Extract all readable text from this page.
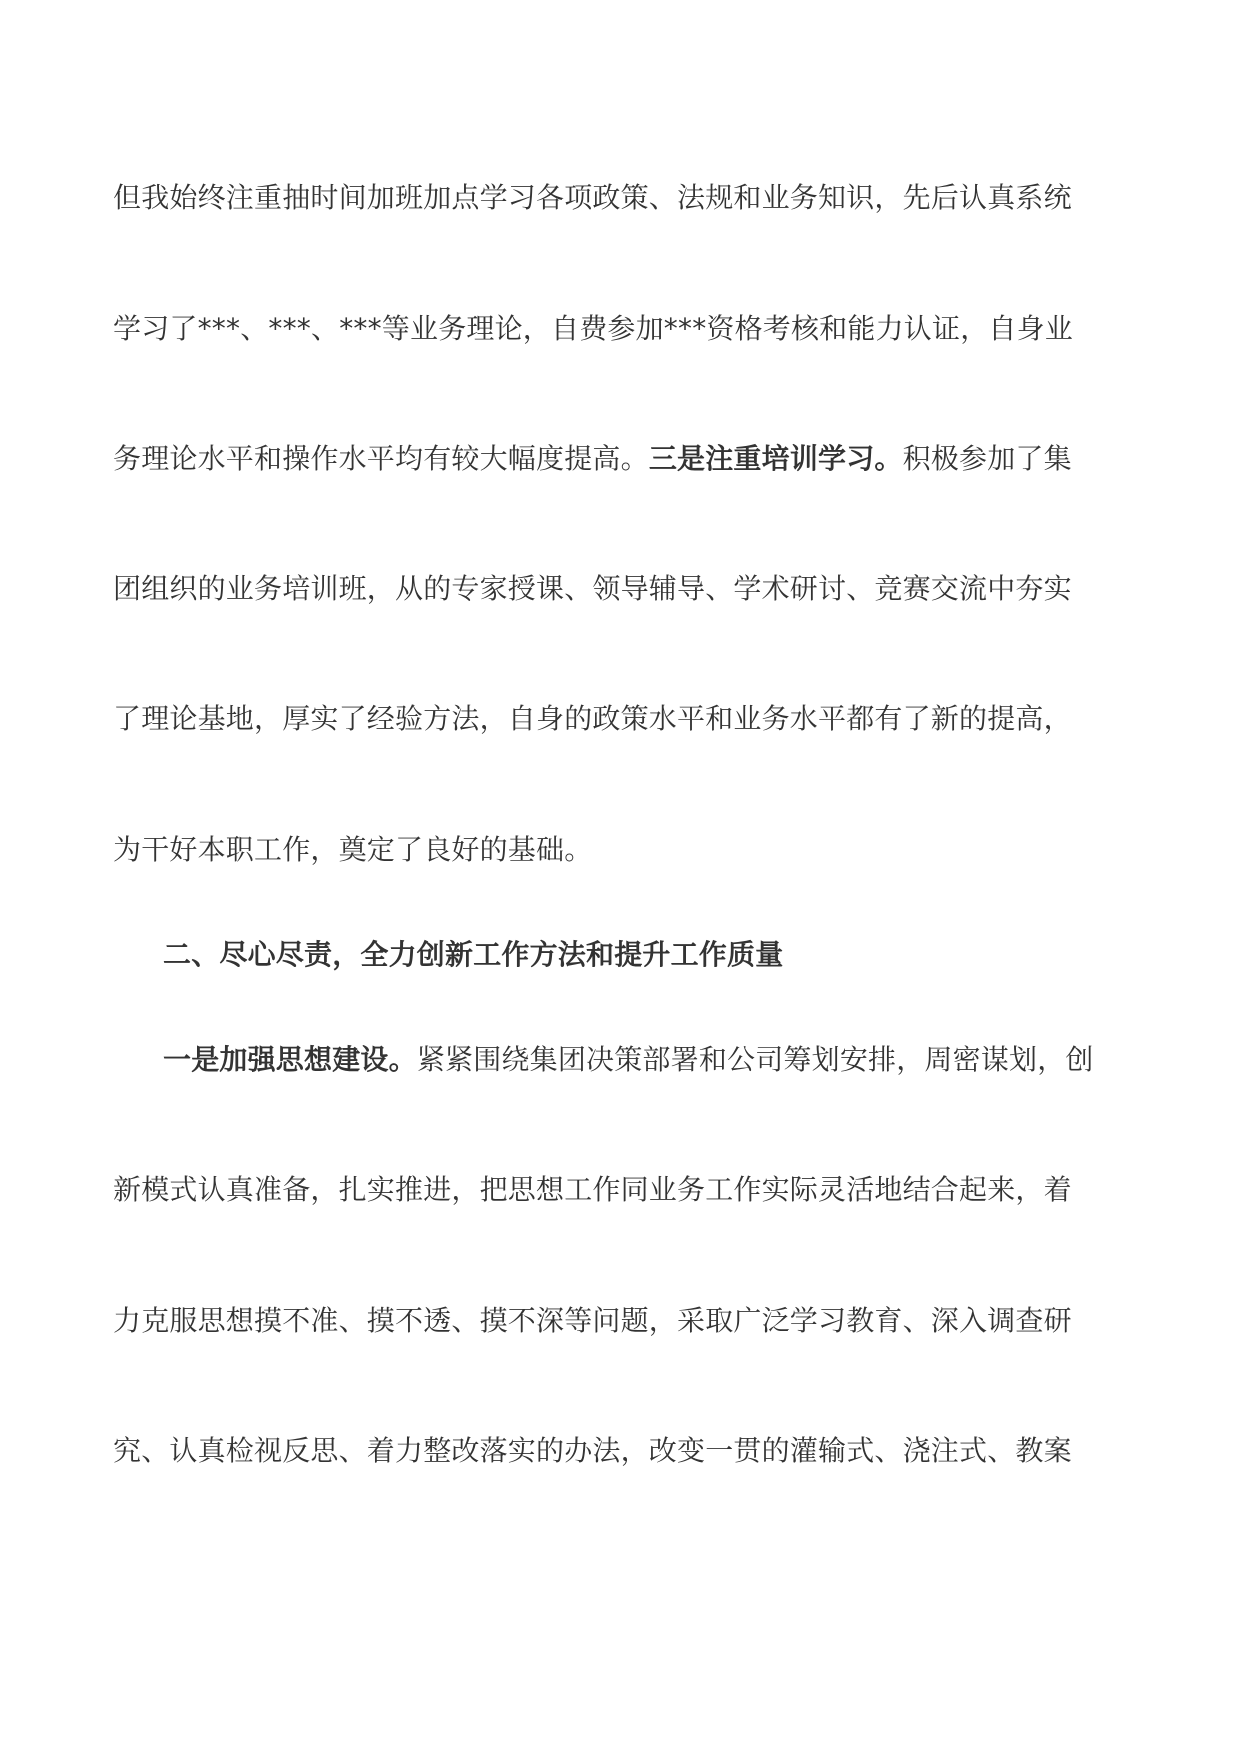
但我始终注重抽时间加班加点学习各项政策、法规和业务知识，先后认真系统
学习了***、***、***等业务理论，自费参加***资格考核和能力认证，自身业
务理论水平和操作水平均有较大幅度提高。三是注重培训学习。积极参加了集
团组织的业务培训班，从的专家授课、领导辅导、学术研讨、竞赛交流中夯实
了理论基地，厚实了经验方法，自身的政策水平和业务水平都有了新的提高，
为干好本职工作，奠定了良好的基础。
二、尽心尽责，全力创新工作方法和提升工作质量
一是加强思想建设。紧紧围绕集团决策部署和公司筹划安排，周密谋划，创
新模式认真准备，扎实推进，把思想工作同业务工作实际灵活地结合起来，着
力克服思想摸不准、摸不透、摸不深等问题，采取广泛学习教育、深入调查研
究、认真检视反思、着力整改落实的办法，改变一贯的灌输式、浇注式、教案
